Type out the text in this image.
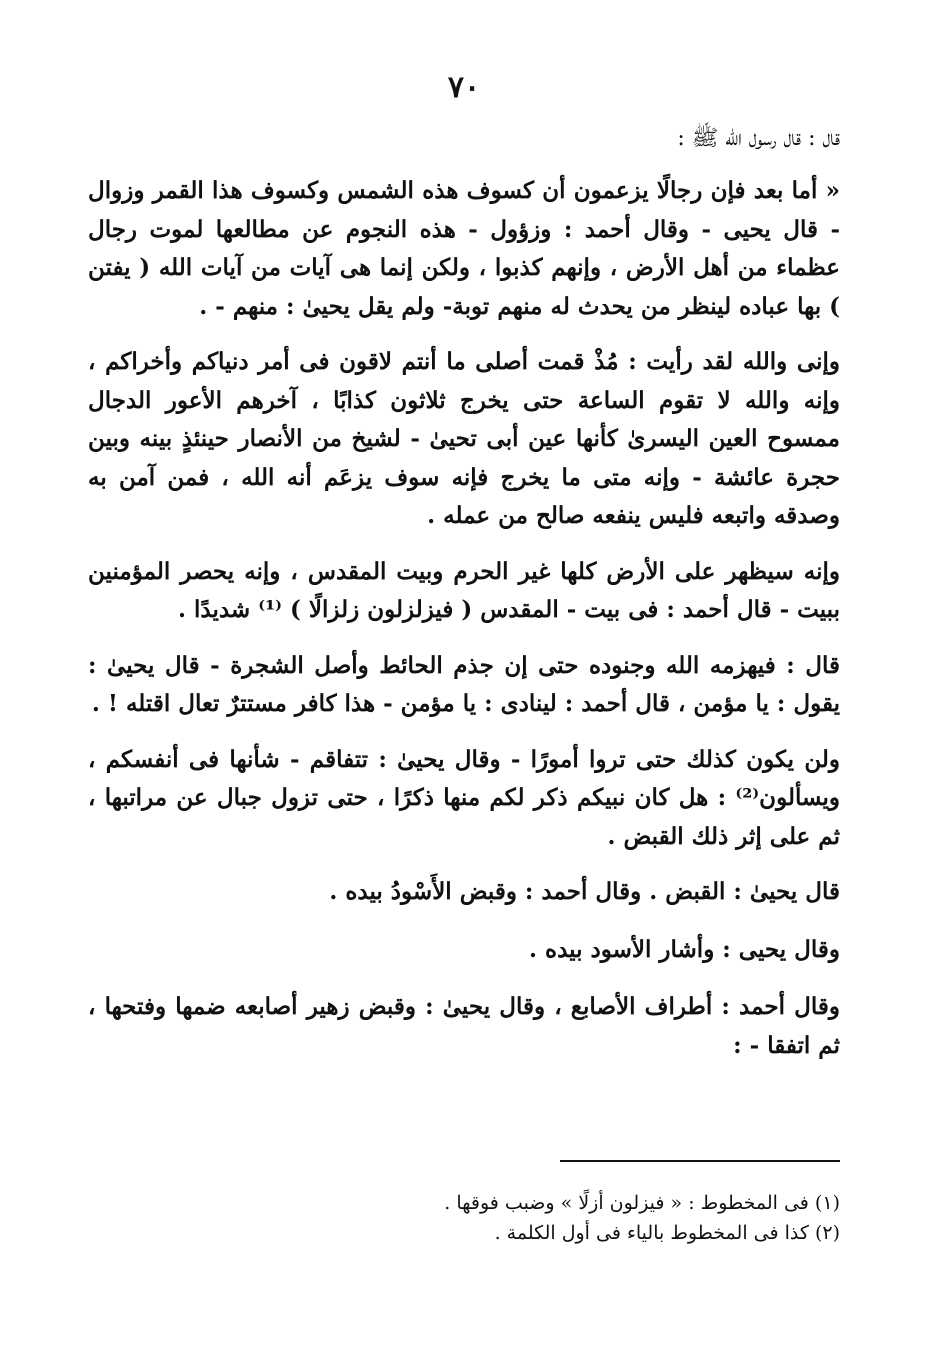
٧٠

قال : قال رسول الله ﷺ :

« أما بعد فإن رجالًا يزعمون أن كسوف هذه الشمس وكسوف هذا القمر وزوال - قال يحيى - وقال أحمد : وزؤول - هذه النجوم عن مطالعها لموت رجال عظماء من أهل الأرض ، وإنهم كذبوا ، ولكن إنما هى آيات من آيات الله ( يفتن ) بها عباده لينظر من يحدث له منهم توبة- ولم يقل يحيىٰ : منهم - .

وإنى والله لقد رأيت : مُذْ قمت أصلى ما أنتم لاقون فى أمر دنياكم وأخراكم ، وإنه والله لا تقوم الساعة حتى يخرج ثلاثون كذابًا ، آخرهم الأعور الدجال ممسوح العين اليسرىٰ كأنها عين أبى تحيىٰ - لشيخ من الأنصار حينئذٍ بينه وبين حجرة عائشة - وإنه متى ما يخرج فإنه سوف يزعَم أنه الله ، فمن آمن به وصدقه واتبعه فليس ينفعه صالح من عمله .

وإنه سيظهر على الأرض كلها غير الحرم وبيت المقدس ، وإنه يحصر المؤمنين ببيت - قال أحمد : فى بيت - المقدس ( فيزلزلون زلزالًا ) ⁽¹⁾ شديدًا .

قال : فيهزمه الله وجنوده حتى إن جذم الحائط وأصل الشجرة - قال يحيىٰ : يقول : يا مؤمن ، قال أحمد : لينادى : يا مؤمن - هذا كافر مستترٌ تعال اقتله ! .

ولن يكون كذلك حتى تروا أمورًا - وقال يحيىٰ : تتفاقم - شأنها فى أنفسكم ، ويسألون⁽²⁾ : هل كان نبيكم ذكر لكم منها ذكرًا ، حتى تزول جبال عن مراتبها ، ثم على إثر ذلك القبض .

قال يحيىٰ : القبض . وقال أحمد : وقبض الأَسْودُ بيده .

وقال يحيى : وأشار الأسود بيده .

وقال أحمد : أطراف الأصابع ، وقال يحيىٰ : وقبض زهير أصابعه ضمها وفتحها ، ثم اتفقا - :

(١) فى المخطوط : « فيزلون أزلًا » وضبب فوقها .

(٢) كذا فى المخطوط بالياء فى أول الكلمة .
